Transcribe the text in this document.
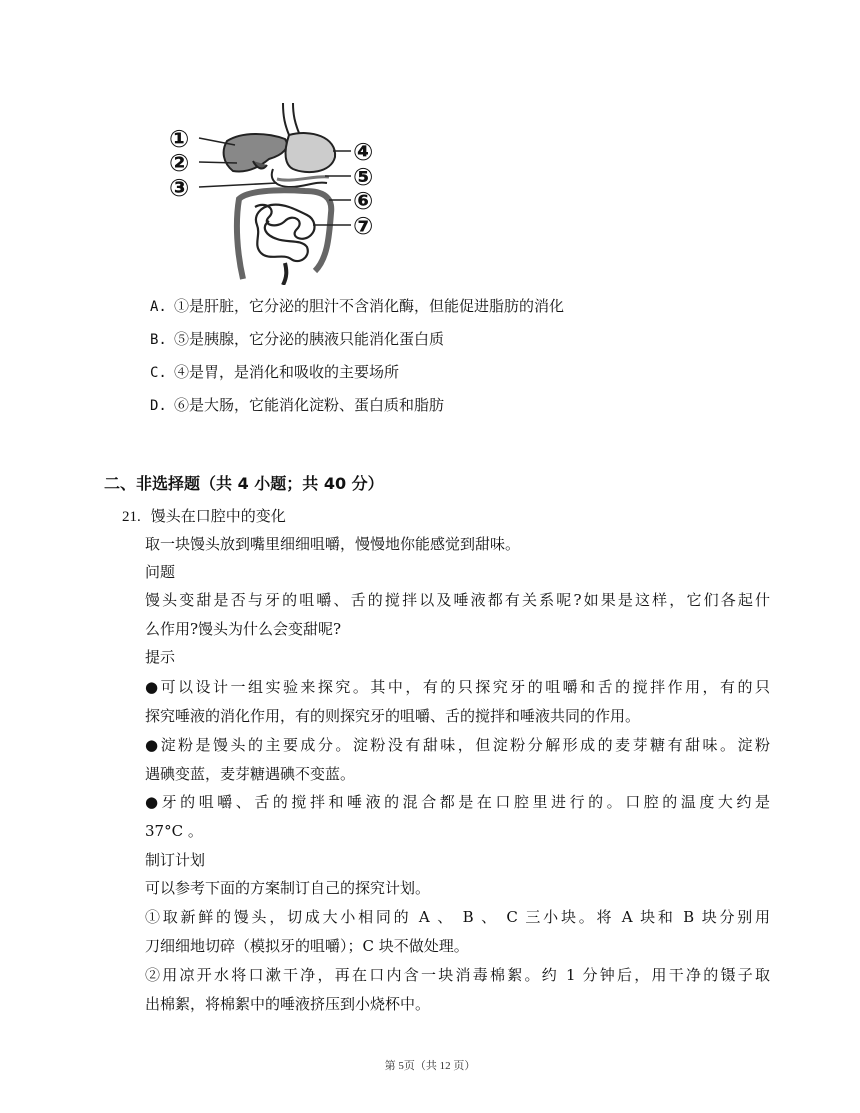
①
②
③
④
⑤
⑥
⑦
A. ①是肝脏，它分泌的胆汁不含消化酶，但能促进脂肪的消化
B. ⑤是胰腺，它分泌的胰液只能消化蛋白质
C. ④是胃，是消化和吸收的主要场所
D. ⑥是大肠，它能消化淀粉、蛋白质和脂肪
二、非选择题（共 4 小题；共 40 分）
21. 馒头在口腔中的变化
取一块馒头放到嘴里细细咀嚼，慢慢地你能感觉到甜味。
问题
馒头变甜是否与牙的咀嚼、舌的搅拌以及唾液都有关系呢?如果是这样，它们各起什
么作用?馒头为什么会变甜呢?
提示
●可以设计一组实验来探究。其中，有的只探究牙的咀嚼和舌的搅拌作用，有的只
探究唾液的消化作用，有的则探究牙的咀嚼、舌的搅拌和唾液共同的作用。
●淀粉是馒头的主要成分。淀粉没有甜味，但淀粉分解形成的麦芽糖有甜味。淀粉
遇碘变蓝，麦芽糖遇碘不变蓝。
●牙的咀嚼、舌的搅拌和唾液的混合都是在口腔里进行的。口腔的温度大约是
37°C 。
制订计划
可以参考下面的方案制订自己的探究计划。
①取新鲜的馒头，切成大小相同的 A 、 B 、 C 三小块。将 A 块和 B 块分别用
刀细细地切碎（模拟牙的咀嚼）；C 块不做处理。
②用凉开水将口漱干净，再在口内含一块消毒棉絮。约 1 分钟后，用干净的镊子取
出棉絮，将棉絮中的唾液挤压到小烧杯中。
第 5页（共 12 页）
